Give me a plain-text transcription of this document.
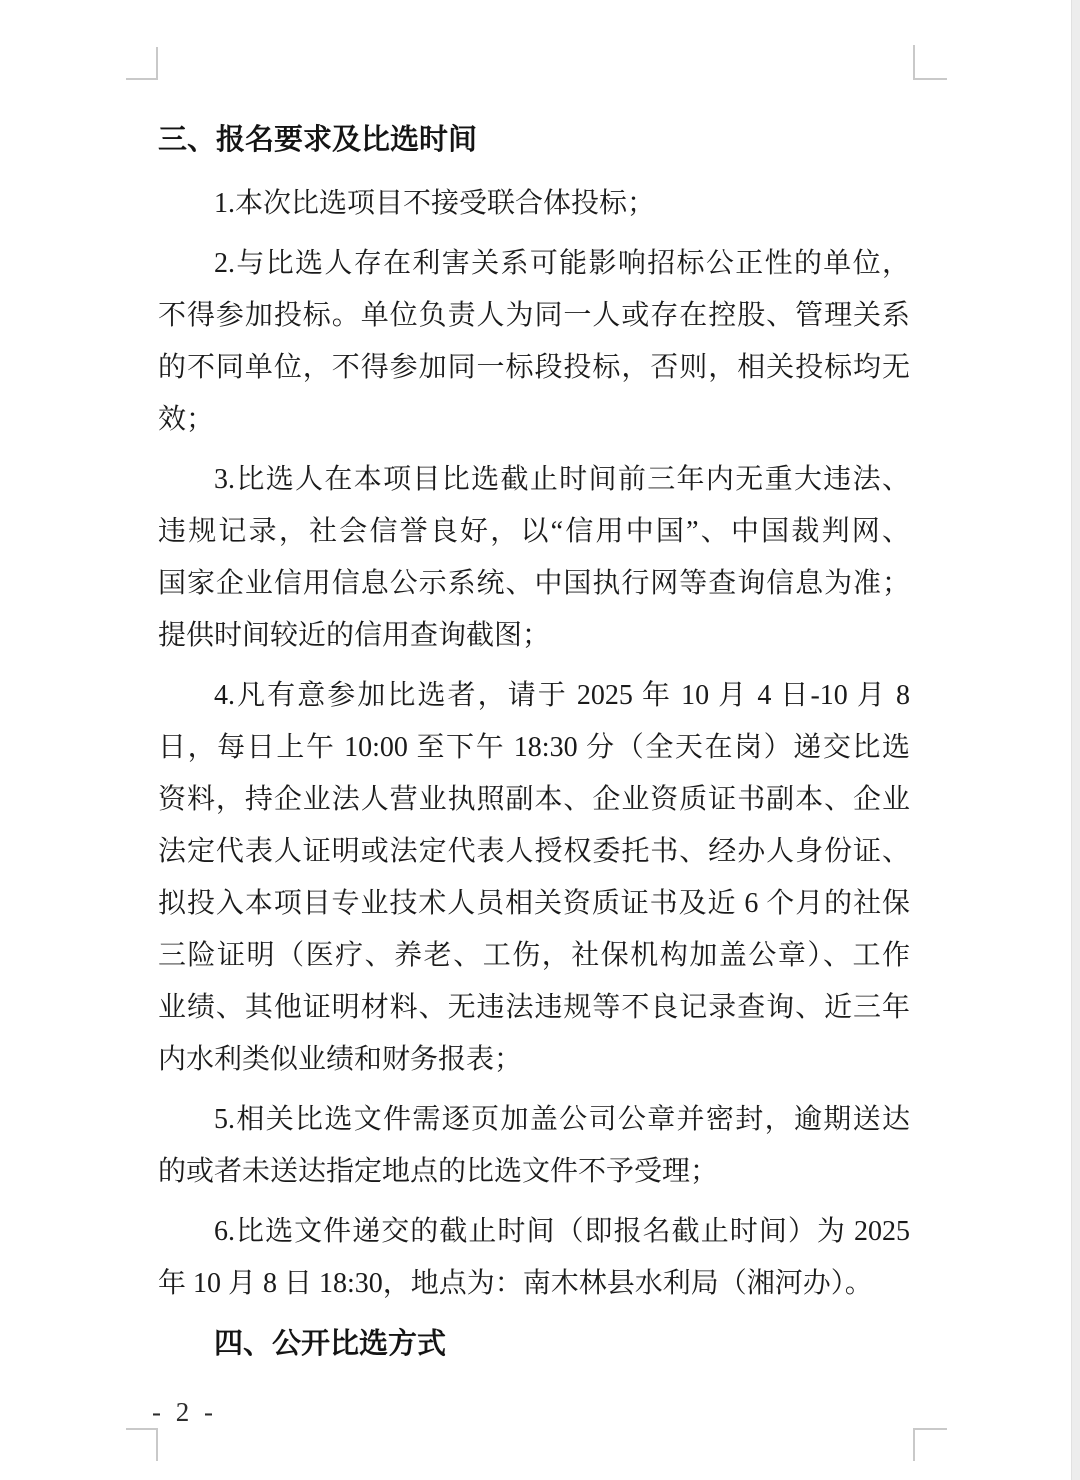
三、报名要求及比选时间
1.本次比选项目不接受联合体投标；
2.与比选人存在利害关系可能影响招标公正性的单位，
不得参加投标。单位负责人为同一人或存在控股、管理关系
的不同单位，不得参加同一标段投标，否则，相关投标均无
效；
3.比选人在本项目比选截止时间前三年内无重大违法、
违规记录，社会信誉良好，以“信用中国”、中国裁判网、
国家企业信用信息公示系统、中国执行网等查询信息为准；
提供时间较近的信用查询截图；
4.凡有意参加比选者，请于 2025 年 10 月 4 日-10 月 8
日，每日上午 10:00 至下午 18:30 分（全天在岗）递交比选
资料，持企业法人营业执照副本、企业资质证书副本、企业
法定代表人证明或法定代表人授权委托书、经办人身份证、
拟投入本项目专业技术人员相关资质证书及近 6 个月的社保
三险证明（医疗、养老、工伤，社保机构加盖公章）、工作
业绩、其他证明材料、无违法违规等不良记录查询、近三年
内水利类似业绩和财务报表；
5.相关比选文件需逐页加盖公司公章并密封，逾期送达
的或者未送达指定地点的比选文件不予受理；
6.比选文件递交的截止时间（即报名截止时间）为 2025
年 10 月 8 日 18:30，地点为：南木林县水利局（湘河办）。
四、公开比选方式
- 2 -
